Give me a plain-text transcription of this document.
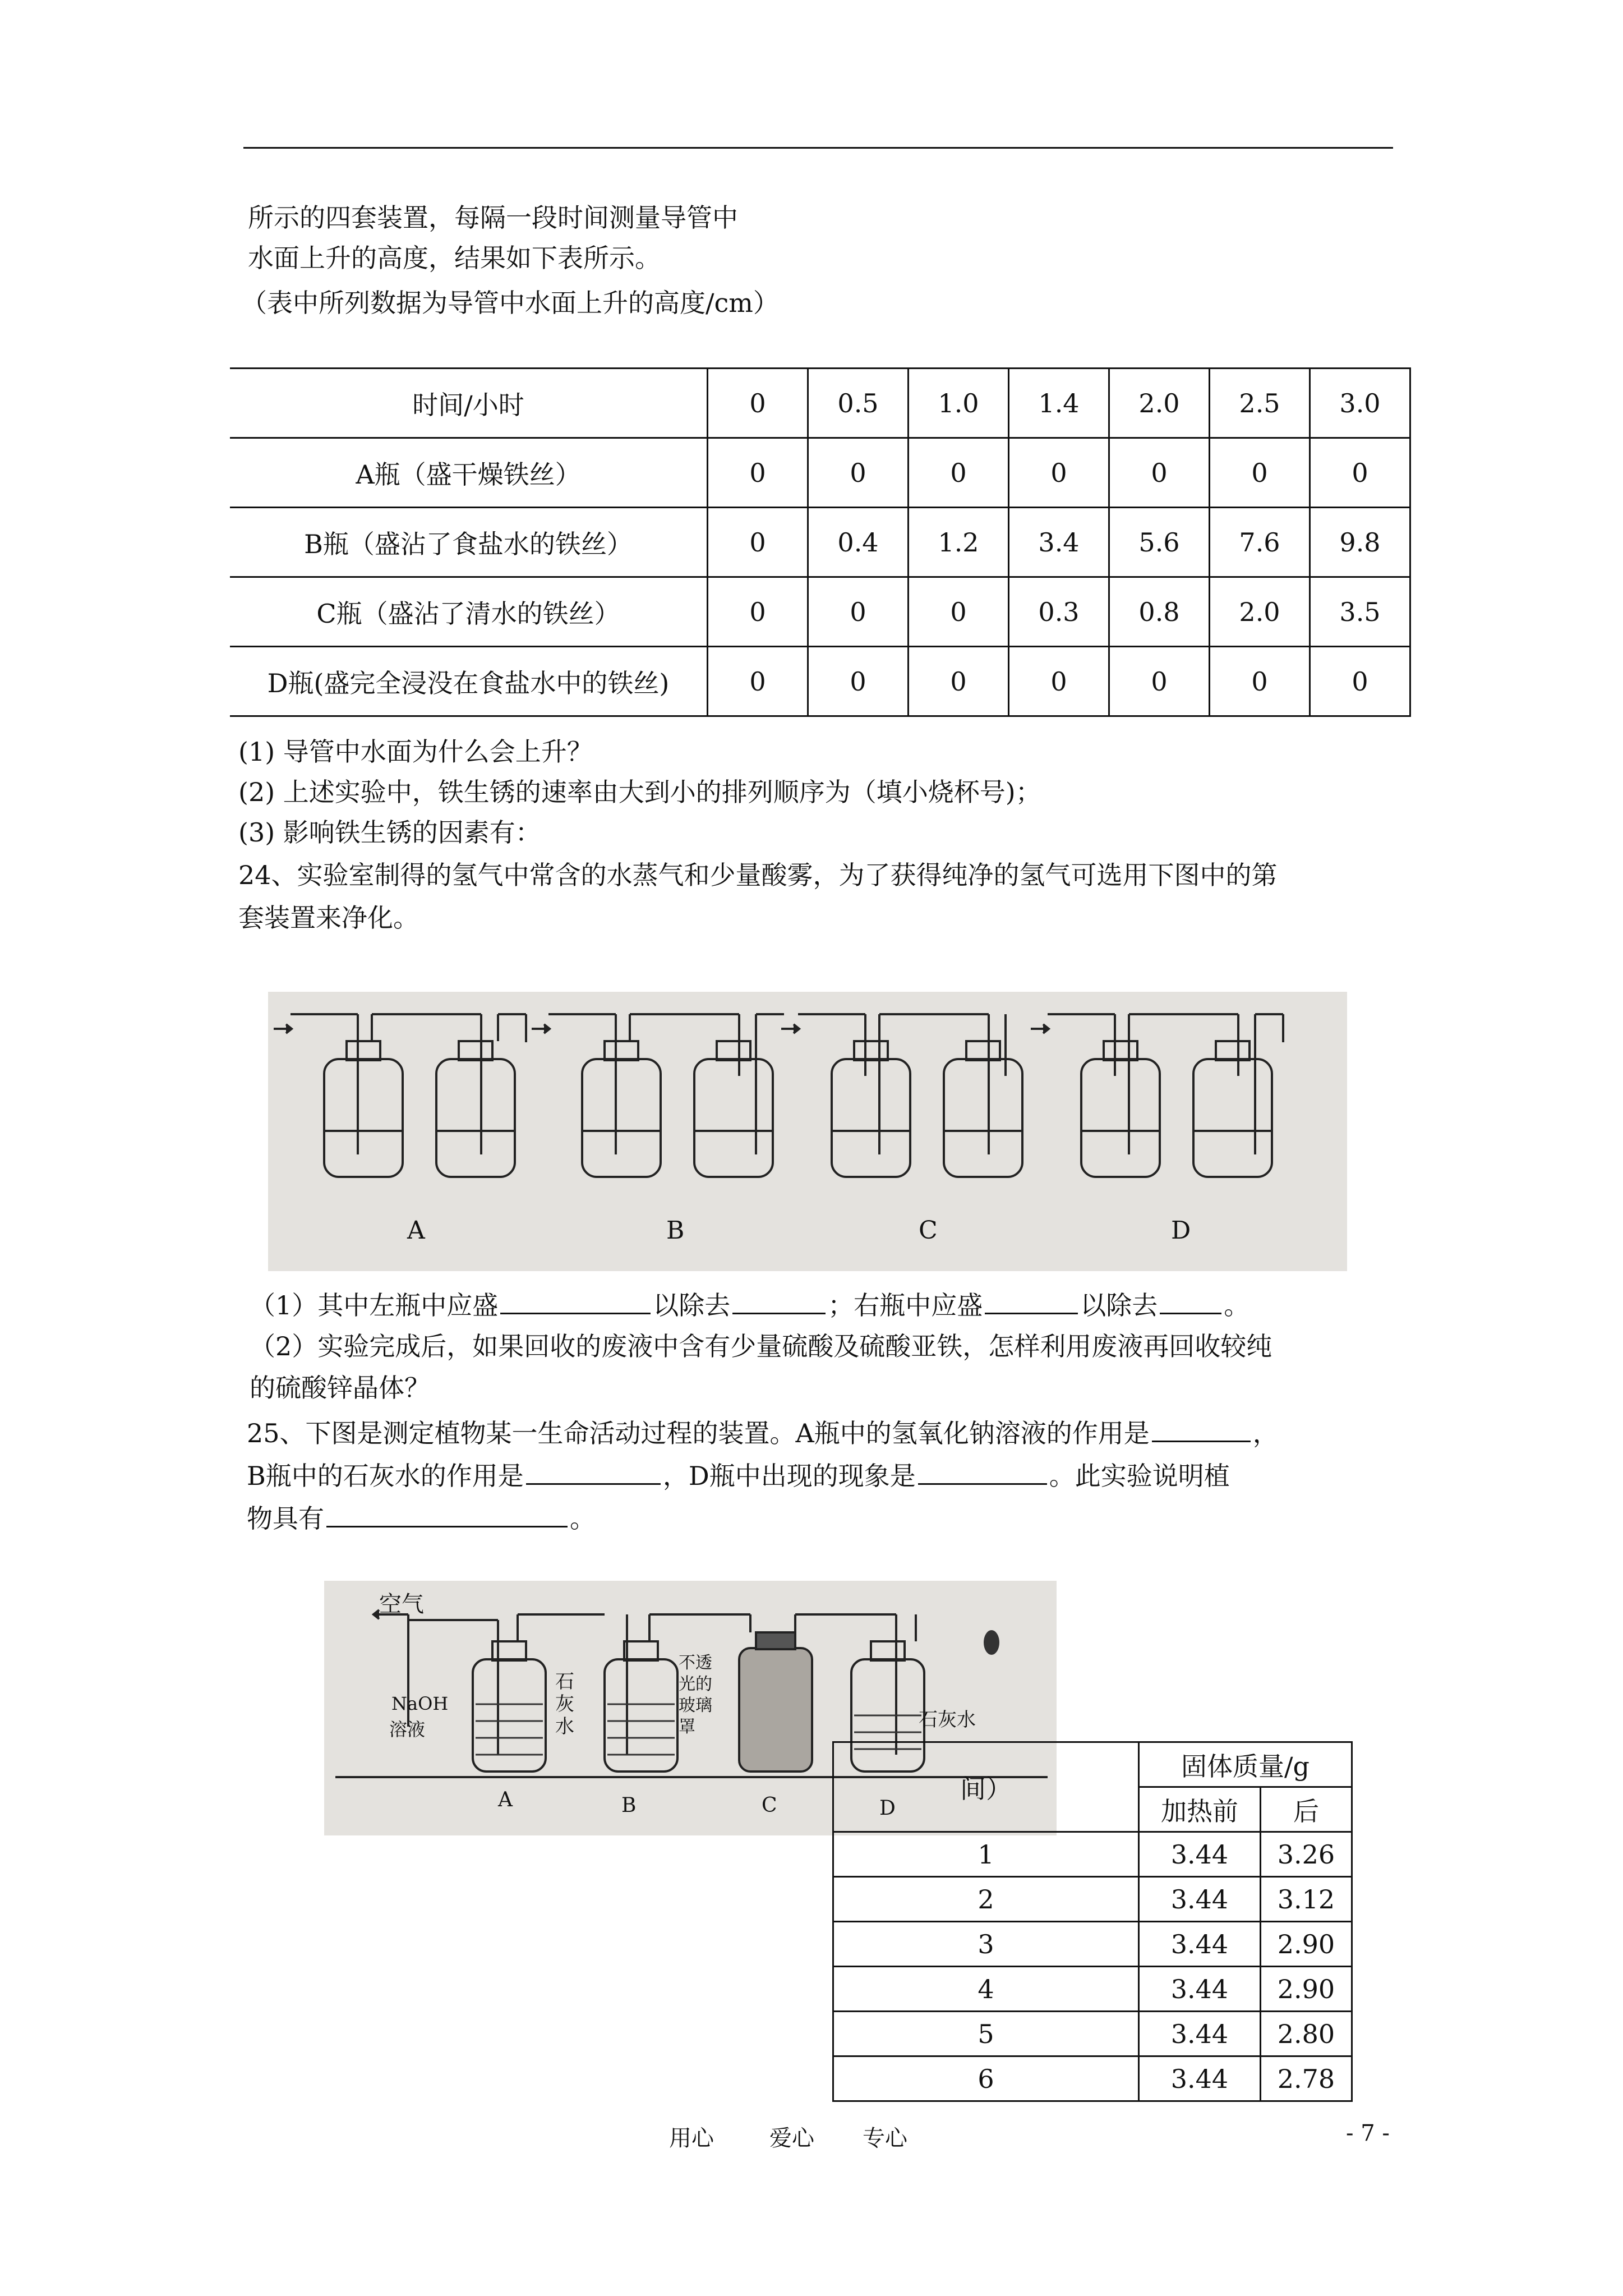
所示的四套装置，每隔一段时间测量导管中
水面上升的高度，结果如下表所示。
（表中所列数据为导管中水面上升的高度/cm）
时间/小时	0	0.5	1.0	1.4	2.0	2.5	3.0
A瓶（盛干燥铁丝）	0	0	0	0	0	0	0
B瓶（盛沾了食盐水的铁丝）	0	0.4	1.2	3.4	5.6	7.6	9.8
C瓶（盛沾了清水的铁丝）	0	0	0	0.3	0.8	2.0	3.5
D瓶(盛完全浸没在食盐水中的铁丝)	0	0	0	0	0	0	0
(1) 导管中水面为什么会上升？
(2) 上述实验中，铁生锈的速率由大到小的排列顺序为（填小烧杯号)；
(3) 影响铁生锈的因素有：
24、实验室制得的氢气中常含的水蒸气和少量酸雾，为了获得纯净的氢气可选用下图中的第
套装置来净化。
A	B	C	D
（1）其中左瓶中应盛	以除去	；右瓶中应盛	以除去	。
（2）实验完成后，如果回收的废液中含有少量硫酸及硫酸亚铁，怎样利用废液再回收较纯
的硫酸锌晶体？
25、下图是测定植物某一生命活动过程的装置。A瓶中的氢氧化钠溶液的作用是	，
B瓶中的石灰水的作用是	，D瓶中出现的现象是	。此实验说明植
物具有	。
空气
NaOH
溶液
石
灰
水
不透
光的
玻璃
罩	石灰水
A	B	C	D
间）	固体质量/g	
	加热前	后
1	3.44	3.26
2	3.44	3.12
3	3.44	2.90
4	3.44	2.90
5	3.44	2.80
6	3.44	2.78
用心 爱心 专心	- 7 -
